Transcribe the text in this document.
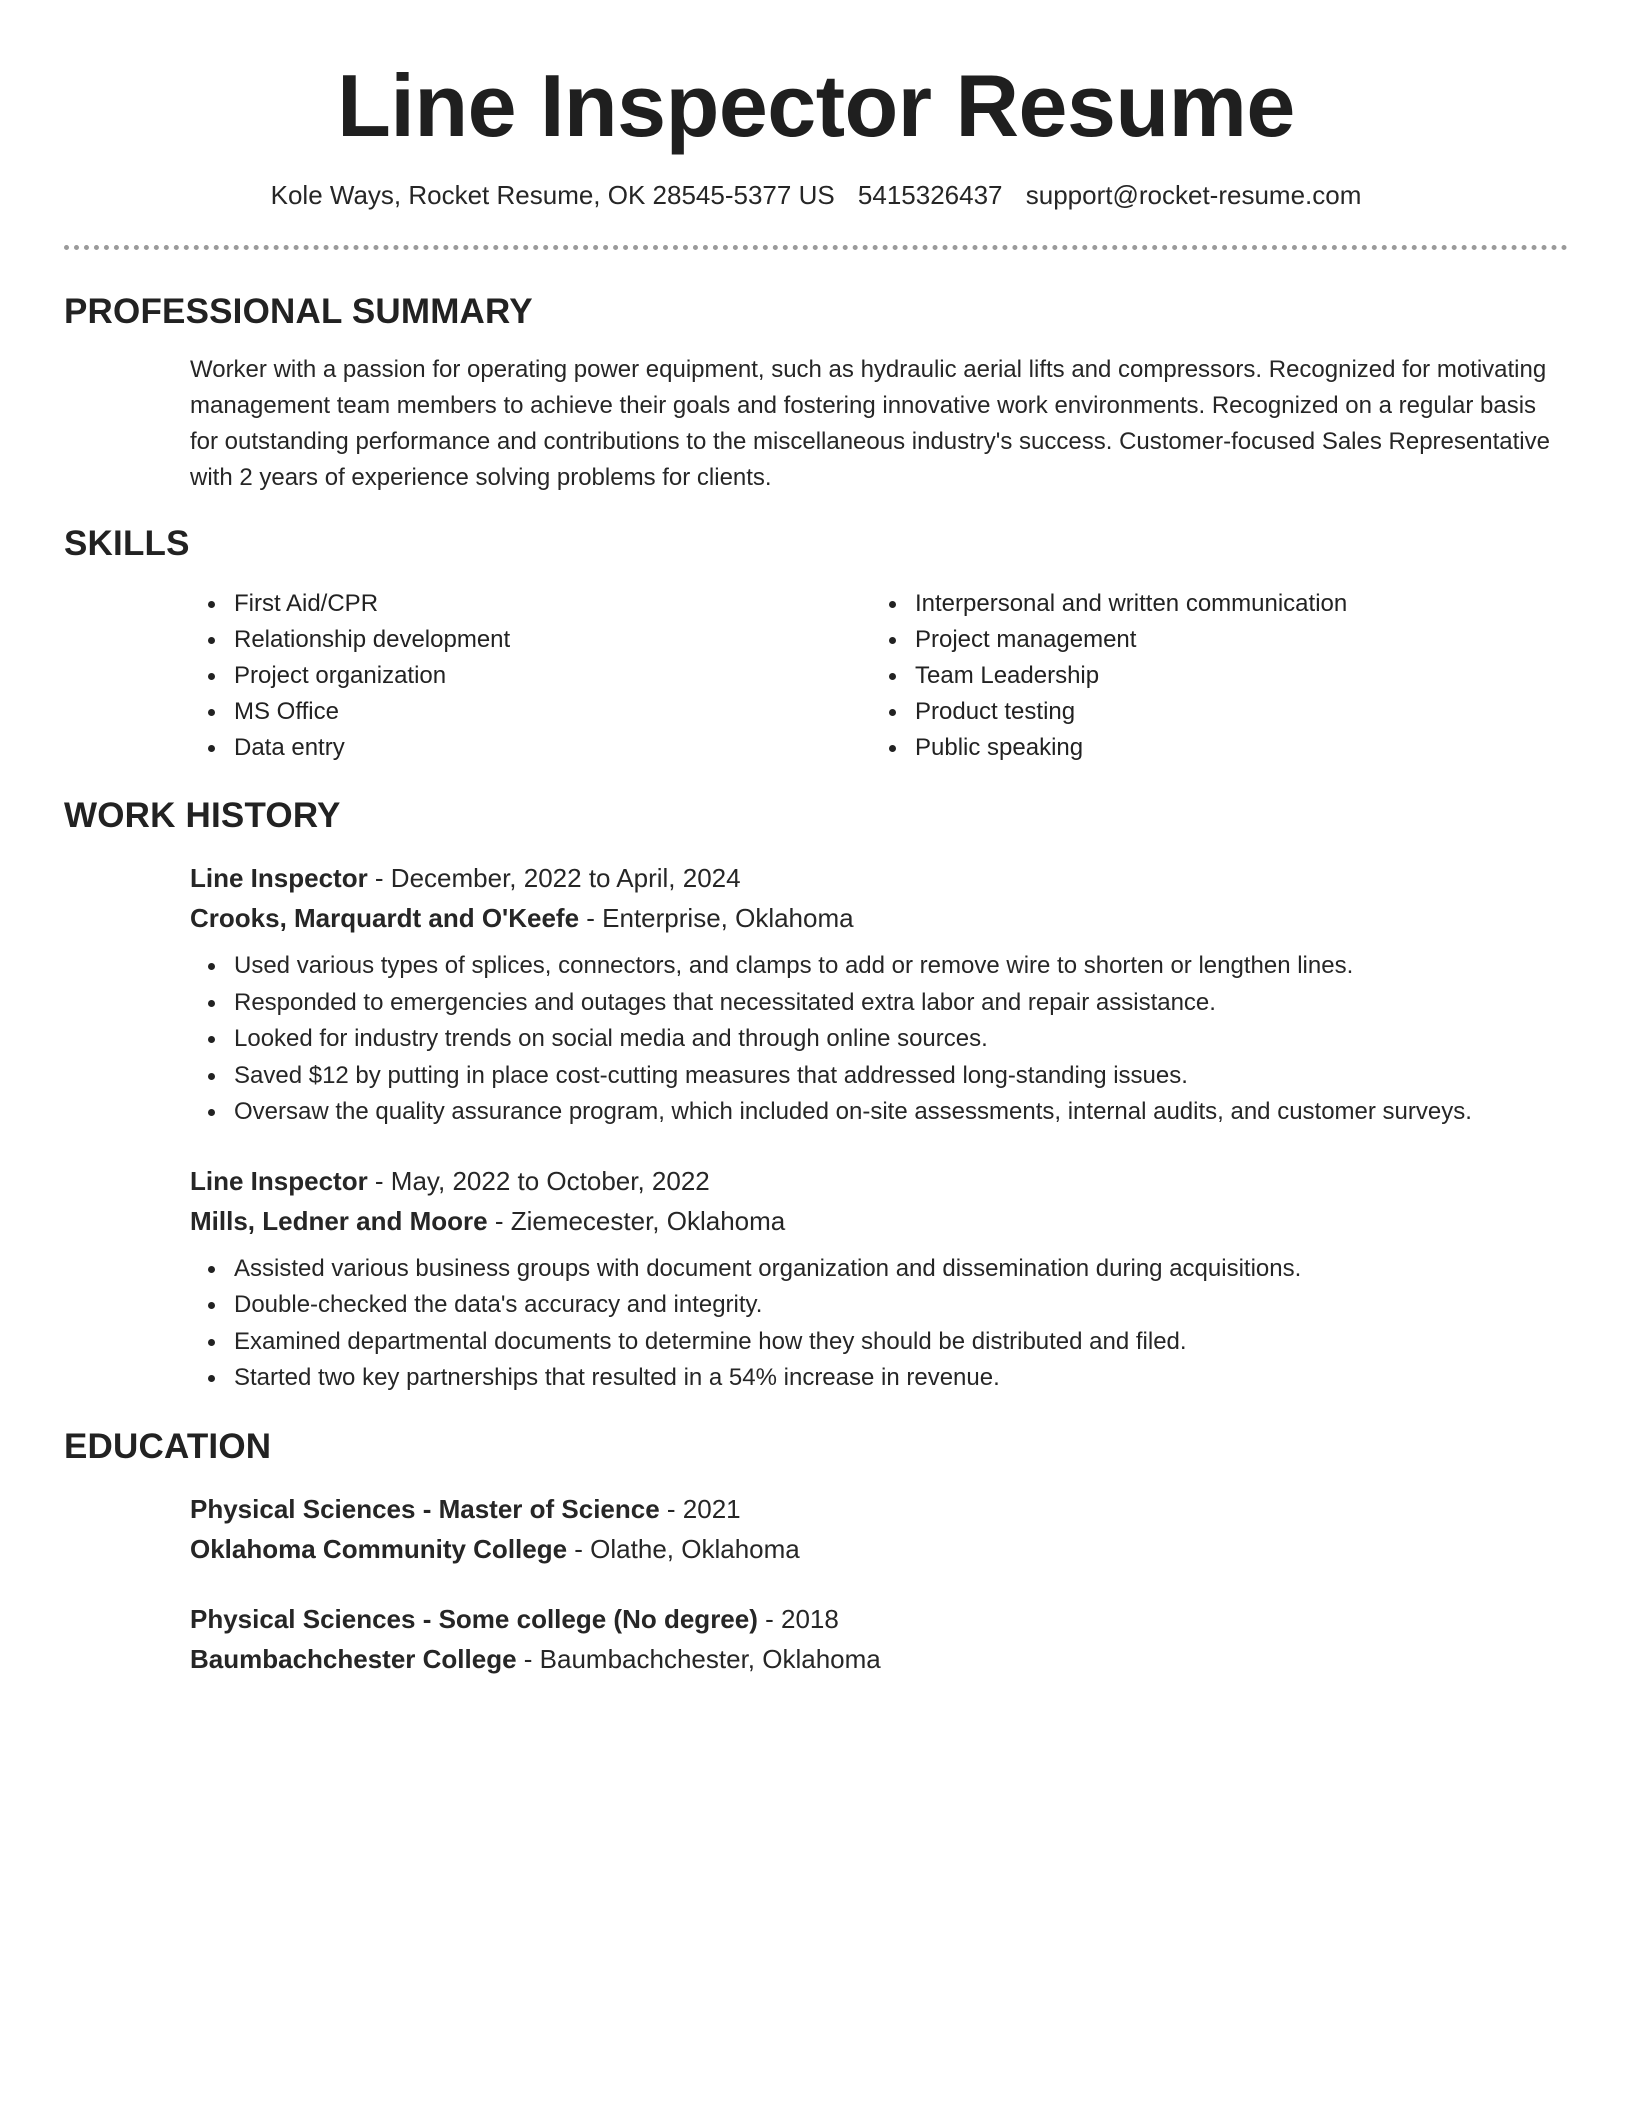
Line Inspector Resume
Kole Ways, Rocket Resume, OK 28545-5377 US 5415326437 support@rocket-resume.com
PROFESSIONAL SUMMARY
Worker with a passion for operating power equipment, such as hydraulic aerial lifts and compressors. Recognized for motivating management team members to achieve their goals and fostering innovative work environments. Recognized on a regular basis for outstanding performance and contributions to the miscellaneous industry's success. Customer-focused Sales Representative with 2 years of experience solving problems for clients.
SKILLS
First Aid/CPR
Relationship development
Project organization
MS Office
Data entry
Interpersonal and written communication
Project management
Team Leadership
Product testing
Public speaking
WORK HISTORY
Line Inspector - December, 2022 to April, 2024
Crooks, Marquardt and O'Keefe - Enterprise, Oklahoma
Used various types of splices, connectors, and clamps to add or remove wire to shorten or lengthen lines.
Responded to emergencies and outages that necessitated extra labor and repair assistance.
Looked for industry trends on social media and through online sources.
Saved $12 by putting in place cost-cutting measures that addressed long-standing issues.
Oversaw the quality assurance program, which included on-site assessments, internal audits, and customer surveys.
Line Inspector - May, 2022 to October, 2022
Mills, Ledner and Moore - Ziemecester, Oklahoma
Assisted various business groups with document organization and dissemination during acquisitions.
Double-checked the data's accuracy and integrity.
Examined departmental documents to determine how they should be distributed and filed.
Started two key partnerships that resulted in a 54% increase in revenue.
EDUCATION
Physical Sciences - Master of Science - 2021
Oklahoma Community College - Olathe, Oklahoma
Physical Sciences - Some college (No degree) - 2018
Baumbachchester College - Baumbachchester, Oklahoma
